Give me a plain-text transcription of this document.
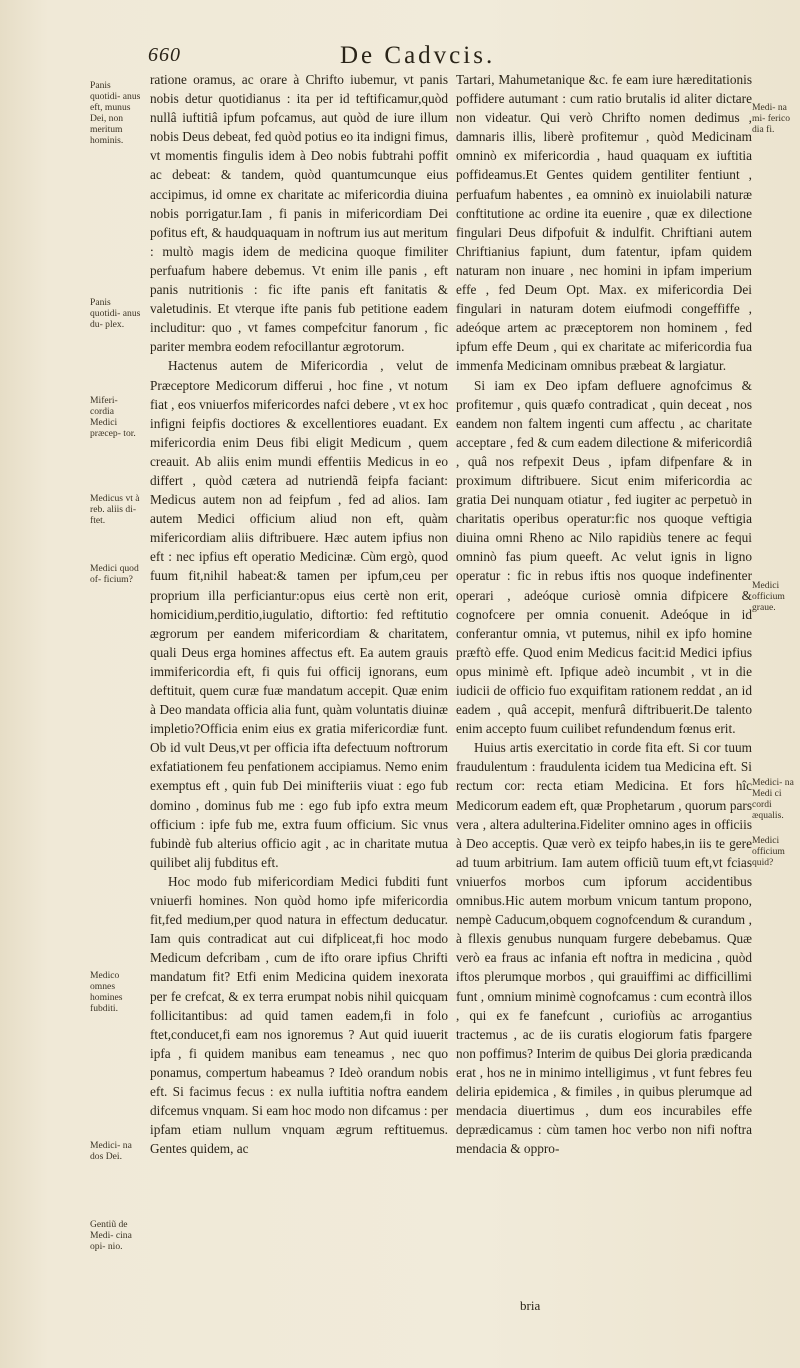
660	De Cadvcis.
Panis quotidi- anus eft, munus Dei, non meritum hominis.
Panis quotidi- anus du- plex.
Miferi- cordia Medici præcep- tor.
Medicus vt à reb. aliis di- ftet.
Medici quod of- ficium?
Medico omnes homines fubditi.
Medici- na dos Dei.
Gentiũ de Medi- cina opi- nio.

ratione oramus, ac orare à Chrifto iubemur, vt panis nobis detur quotidianus : ita per id teftificamur,quòd nullâ iuftitiâ ipfum pofcamus, aut quòd de iure illum nobis Deus debeat, fed quòd potius eo ita indigni fimus, vt momentis fingulis idem à Deo nobis fubtrahi poffit ac debeat: & tandem, quòd quantumcunque eius accipimus, id omne ex charitate ac mifericordia diuina nobis porrigatur.Iam , fi panis in mifericordiam Dei pofitus eft, & haudquaquam in noftrum ius aut meritum : multò magis idem de medicina quoque fimiliter perfuafum habere debemus. Vt enim ille panis , eft panis nutritionis : fic ifte panis eft fanitatis & valetudinis. Et vterque ifte panis fub petitione eadem includitur: quo , vt fames compefcitur fanorum , fic pariter membra eodem refocillantur ægrotorum.

Hactenus autem de Mifericordia , velut de Præceptore Medicorum differui , hoc fine , vt notum fiat , eos vniuerfos mifericordes nafci debere , vt ex hoc infigni feipfis doctiores & excellentiores euadant. Ex mifericordia enim Deus fibi eligit Medicum , quem creauit. Ab aliis enim mundi effentiis Medicus in eo differt , quòd cætera ad nutriendã feipfa faciant: Medicus autem non ad feipfum , fed ad alios. Iam autem Medici officium aliud non eft, quàm mifericordiam aliis diftribuere. Hæc autem ipfius non eft : nec ipfius eft operatio Medicinæ. Cùm ergò, quod fuum fit,nihil habeat:& tamen per ipfum,ceu per proprium illa perficiantur:opus eius certè non erit, homicidium,perditio,iugulatio, diftortio: fed reftitutio ægrorum per eandem mifericordiam & charitatem, quali Deus erga homines affectus eft. Ea autem grauis immifericordia eft, fi quis fui officij ignorans, eum deftituit, quem curæ fuæ mandatum accepit. Quæ enim à Deo mandata officia alia funt, quàm voluntatis diuinæ impletio?Officia enim eius ex gratia mifericordiæ funt. Ob id vult Deus,vt per officia ifta defectuum noftrorum exfatiationem feu penfationem accipiamus. Nemo enim exemptus eft , quin fub Dei minifteriis viuat : ego fub domino , dominus fub me : ego fub ipfo extra meum officium : ipfe fub me, extra fuum officium. Sic vnus fubindè fub alterius officio agit , ac in charitate mutua quilibet alij fubditus eft.

Hoc modo fub mifericordiam Medici fubditi funt vniuerfi homines. Non quòd homo ipfe mifericordia fit,fed medium,per quod natura in effectum deducatur. Iam quis contradicat aut cui difpliceat,fi hoc modo Medicum defcribam , cum de ifto orare ipfius Chrifti mandatum fit? Etfi enim Medicina quidem inexorata per fe crefcat, & ex terra erumpat nobis nihil quicquam follicitantibus: ad quid tamen eadem,fi in folo ftet,conducet,fi eam nos ignoremus ? Aut quid iuuerit ipfa , fi quidem manibus eam teneamus , nec quo ponamus, compertum habeamus ? Ideò orandum nobis eft. Si facimus fecus : ex nulla iuftitia noftra eandem difcemus vnquam. Si eam hoc modo non difcamus : per ipfam etiam nullum vnquam ægrum reftituemus. Gentes quidem, ac

Tartari, Mahumetanique &c. fe eam iure hæreditationis poffidere autumant : cum ratio brutalis id aliter dictare non videatur. Qui verò Chrifto nomen dedimus , damnaris illis, liberè profitemur , quòd Medicinam omninò ex mifericordia , haud quaquam ex iuftitia poffideamus.Et Gentes quidem gentiliter fentiunt , perfuafum habentes , ea omninò ex inuiolabili naturæ conftitutione ac ordine ita euenire , quæ ex dilectione fingulari Deus difpofuit & indulfit. Chriftiani autem Chriftianius fapiunt, dum fatentur, ipfam quidem naturam non inuare , nec homini in ipfam imperium effe , fed Deum Opt. Max. ex mifericordia Dei fingulari in naturam dotem eiufmodi congeffiffe , adeóque artem ac præceptorem non hominem , fed ipfum effe Deum , qui ex charitate ac mifericordia fua immenfa Medicinam omnibus præbeat & largiatur.

Si iam ex Deo ipfam defluere agnofcimus & profitemur , quis quæfo contradicat , quin deceat , nos eandem non faltem ingenti cum affectu , ac charitate acceptare , fed & cum eadem dilectione & mifericordiâ , quâ nos refpexit Deus , ipfam difpenfare & in proximum diftribuere. Sicut enim mifericordia ac gratia Dei nunquam otiatur , fed iugiter ac perpetuò in charitatis operibus operatur:fic nos quoque veftigia diuina omni Rheno ac Nilo rapidiùs tenere ac fequi omninò fas pium queeft. Ac velut ignis in ligno operatur : fic in rebus iftis nos quoque indefinenter operari , adeóque curiosè omnia difpicere & cognofcere per omnia conuenit. Adeóque in id conferantur omnia, vt putemus, nihil ex ipfo homine præftò effe. Quod enim Medicus facit:id Medici ipfius opus minimè eft. Ipfique adeò incumbit , vt in die iudicii de officio fuo exquifitam rationem reddat , an id eadem , quâ accepit, menfurâ diftribuerit.De talento enim accepto fuum cuilibet refundendum fœnus erit.

Huius artis exercitatio in corde fita eft. Si cor tuum fraudulentum : fraudulenta icidem tua Medicina eft. Si rectum cor: recta etiam Medicina. Et fors hîc Medicorum eadem eft, quæ Prophetarum , quorum pars vera , altera adulterina.Fideliter omnino ages in officiis à Deo acceptis. Quæ verò ex teipfo habes,in iis te gere ad tuum arbitrium. Iam autem officiũ tuum eft,vt fcias vniuerfos morbos cum ipforum accidentibus omnibus.Hic autem morbum vnicum tantum propono, nempè Caducum,obquem cognofcendum & curandum , à fllexis genubus nunquam furgere debebamus. Quæ verò ea fraus ac infania eft noftra in medicina , quòd iftos plerumque morbos , qui grauiffimi ac difficillimi funt , omnium minimè cognofcamus : cum econtrà illos , qui ex fe fanefcunt , curiofiùs ac arrogantius tractemus , ac de iis curatis elogiorum fatis fpargere non poffimus? Interim de quibus Dei gloria prædicanda erat , hos ne in minimo intelligimus , vt funt febres feu deliria epidemica , & fimiles , in quibus plerumque ad mendacia diuertimus , dum eos incurabiles effe deprædicamus : cùm tamen hoc verbo non nifi noftra mendacia & oppro-

Medi- na mi- ferico dia fi.
Medici officium graue.
Medici- na Medi ci cordi æqualis.
Medici officium quid?
bria
